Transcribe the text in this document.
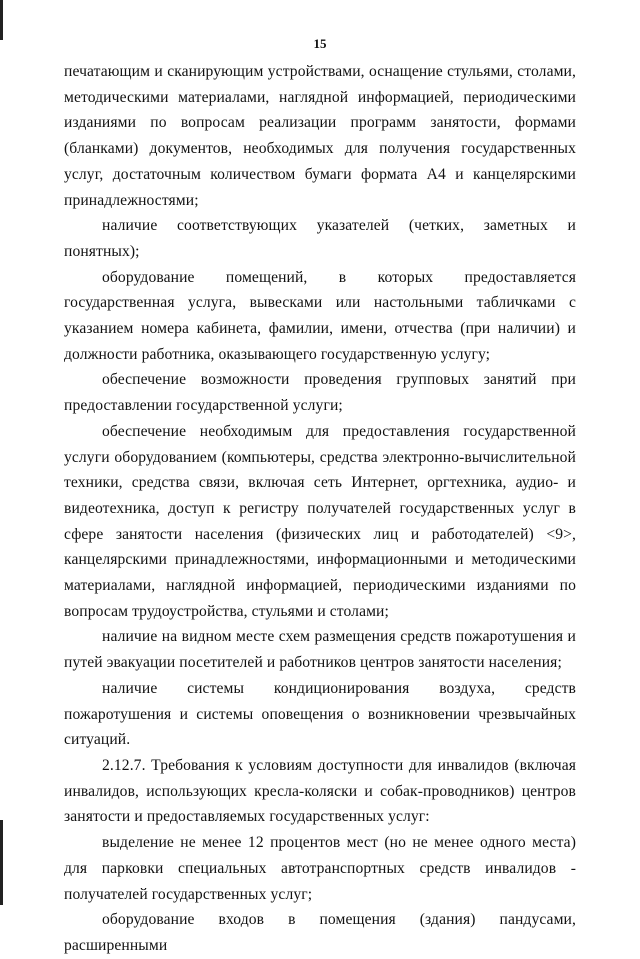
15

печатающим и сканирующим устройствами, оснащение стульями, столами, методическими материалами, наглядной информацией, периодическими изданиями по вопросам реализации программ занятости, формами (бланками) документов, необходимых для получения государственных услуг, достаточным количеством бумаги формата А4 и канцелярскими принадлежностями;

наличие соответствующих указателей (четких, заметных и понятных);

оборудование помещений, в которых предоставляется государственная услуга, вывесками или настольными табличками с указанием номера кабинета, фамилии, имени, отчества (при наличии) и должности работника, оказывающего государственную услугу;

обеспечение возможности проведения групповых занятий при предоставлении государственной услуги;

обеспечение необходимым для предоставления государственной услуги оборудованием (компьютеры, средства электронно-вычислительной техники, средства связи, включая сеть Интернет, оргтехника, аудио- и видеотехника, доступ к регистру получателей государственных услуг в сфере занятости населения (физических лиц и работодателей) <9>, канцелярскими принадлежностями, информационными и методическими материалами, наглядной информацией, периодическими изданиями по вопросам трудоустройства, стульями и столами;

наличие на видном месте схем размещения средств пожаротушения и путей эвакуации посетителей и работников центров занятости населения;

наличие системы кондиционирования воздуха, средств пожаротушения и системы оповещения о возникновении чрезвычайных ситуаций.

2.12.7. Требования к условиям доступности для инвалидов (включая инвалидов, использующих кресла-коляски и собак-проводников) центров занятости и предоставляемых государственных услуг:

выделение не менее 12 процентов мест (но не менее одного места) для парковки специальных автотранспортных средств инвалидов - получателей государственных услуг;

оборудование входов в помещения (здания) пандусами, расширенными
